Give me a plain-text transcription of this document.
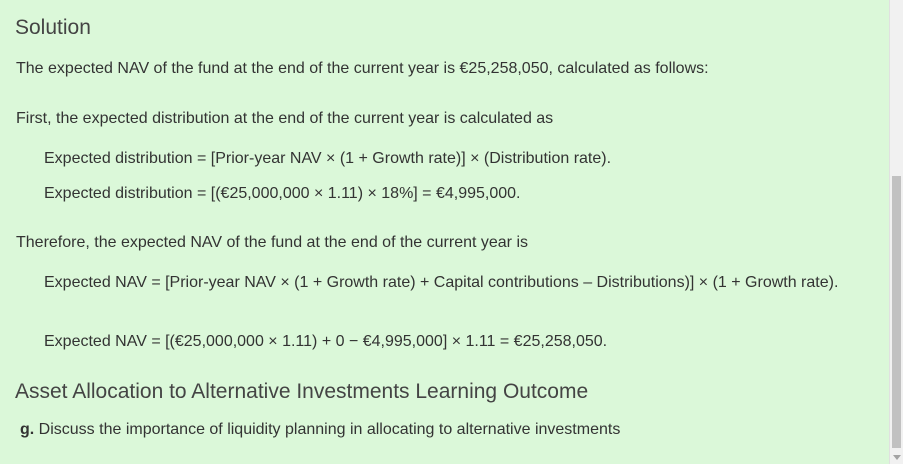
Solution
The expected NAV of the fund at the end of the current year is €25,258,050, calculated as follows:
First, the expected distribution at the end of the current year is calculated as
Expected distribution = [Prior-year NAV × (1 + Growth rate)] × (Distribution rate).
Expected distribution = [(€25,000,000 × 1.11) × 18%] = €4,995,000.
Therefore, the expected NAV of the fund at the end of the current year is
Expected NAV = [Prior-year NAV × (1 + Growth rate) + Capital contributions – Distributions)] × (1 + Growth rate).
Expected NAV = [(€25,000,000 × 1.11) + 0 − €4,995,000] × 1.11 = €25,258,050.
Asset Allocation to Alternative Investments Learning Outcome
g. Discuss the importance of liquidity planning in allocating to alternative investments
